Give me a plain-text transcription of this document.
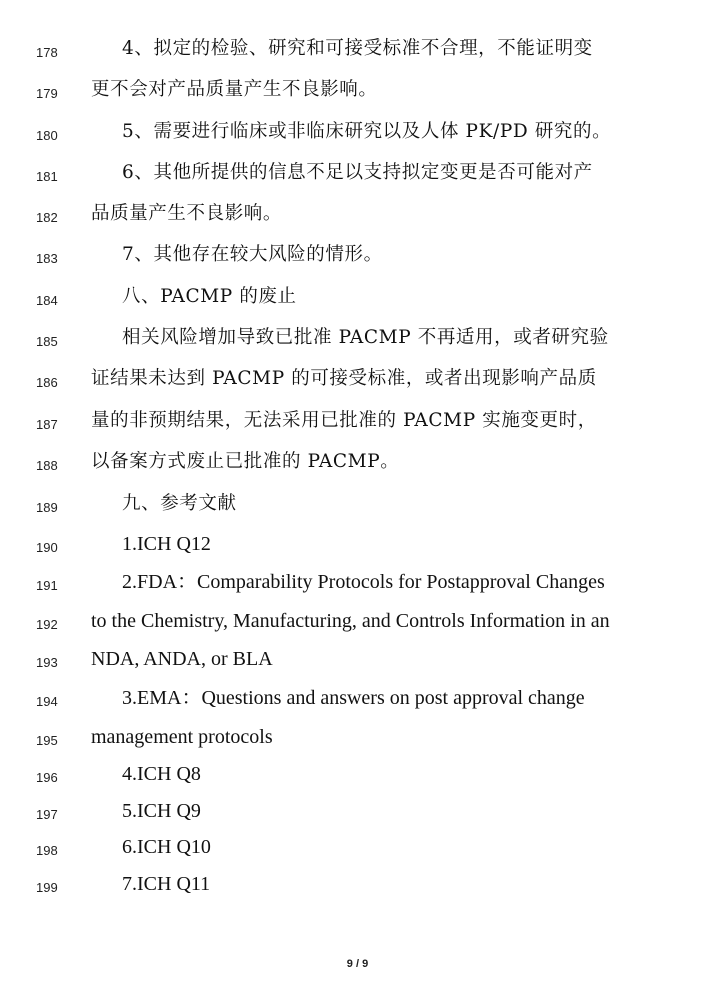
178	4、拟定的检验、研究和可接受标准不合理，不能证明变
179	更不会对产品质量产生不良影响。
180	5、需要进行临床或非临床研究以及人体 PK/PD 研究的。
181	6、其他所提供的信息不足以支持拟定变更是否可能对产
182	品质量产生不良影响。
183	7、其他存在较大风险的情形。
184	八、PACMP 的废止
185	相关风险增加导致已批准 PACMP 不再适用，或者研究验
186	证结果未达到 PACMP 的可接受标准，或者出现影响产品质
187	量的非预期结果，无法采用已批准的 PACMP 实施变更时，
188	以备案方式废止已批准的 PACMP。
189	九、参考文献
190	1.ICH Q12
191	2.FDA：Comparability Protocols for Postapproval Changes
192	to the Chemistry, Manufacturing, and Controls Information in an
193	NDA, ANDA, or BLA
194	3.EMA：Questions and answers on post approval change
195	management protocols
196	4.ICH Q8
197	5.ICH Q9
198	6.ICH Q10
199	7.ICH Q11
9 / 9
